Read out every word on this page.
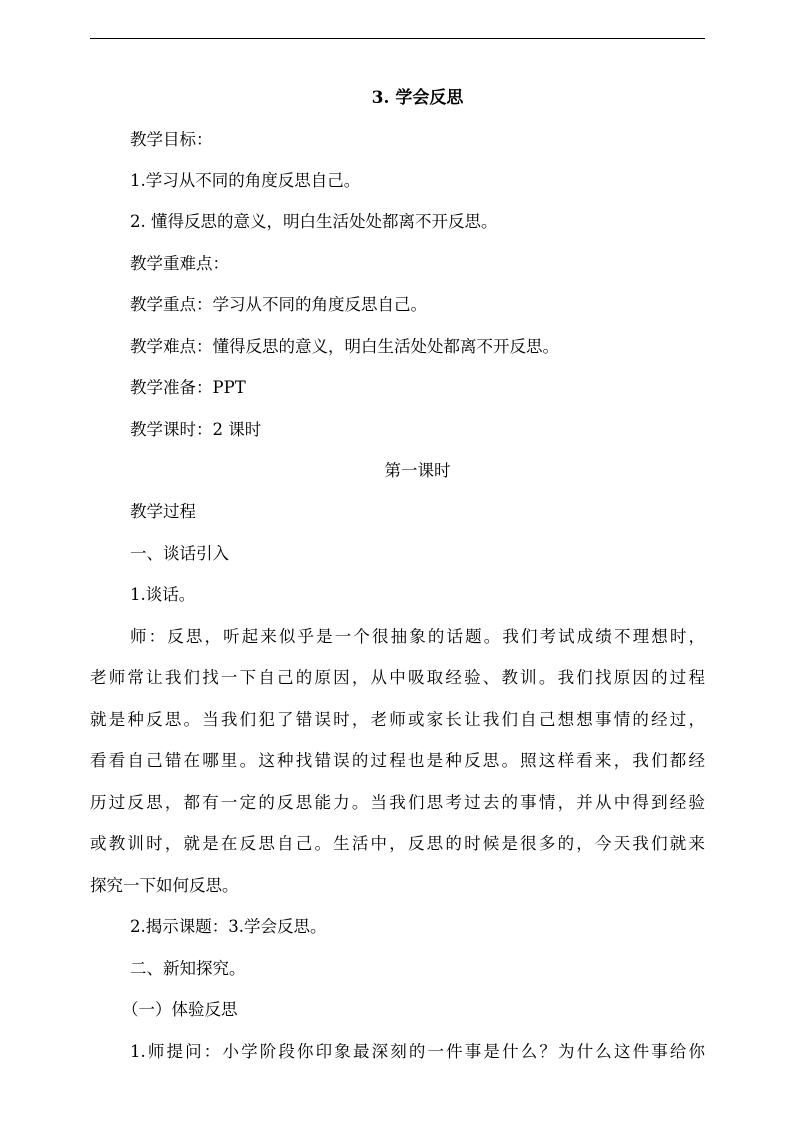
3. 学会反思
教学目标：
1.学习从不同的角度反思自己。
2. 懂得反思的意义，明白生活处处都离不开反思。
教学重难点：
教学重点：学习从不同的角度反思自己。
教学难点：懂得反思的意义，明白生活处处都离不开反思。
教学准备：PPT
教学课时：2 课时
第一课时
教学过程
一、谈话引入
1.谈话。
师：反思，听起来似乎是一个很抽象的话题。我们考试成绩不理想时，
老师常让我们找一下自己的原因，从中吸取经验、教训。我们找原因的过程
就是种反思。当我们犯了错误时，老师或家长让我们自己想想事情的经过，
看看自己错在哪里。这种找错误的过程也是种反思。照这样看来，我们都经
历过反思，都有一定的反思能力。当我们思考过去的事情，并从中得到经验
或教训时，就是在反思自己。生活中，反思的时候是很多的，今天我们就来
探究一下如何反思。
2.揭示课题：3.学会反思。
二、新知探究。
（一）体验反思
1.师提问：小学阶段你印象最深刻的一件事是什么？为什么这件事给你
